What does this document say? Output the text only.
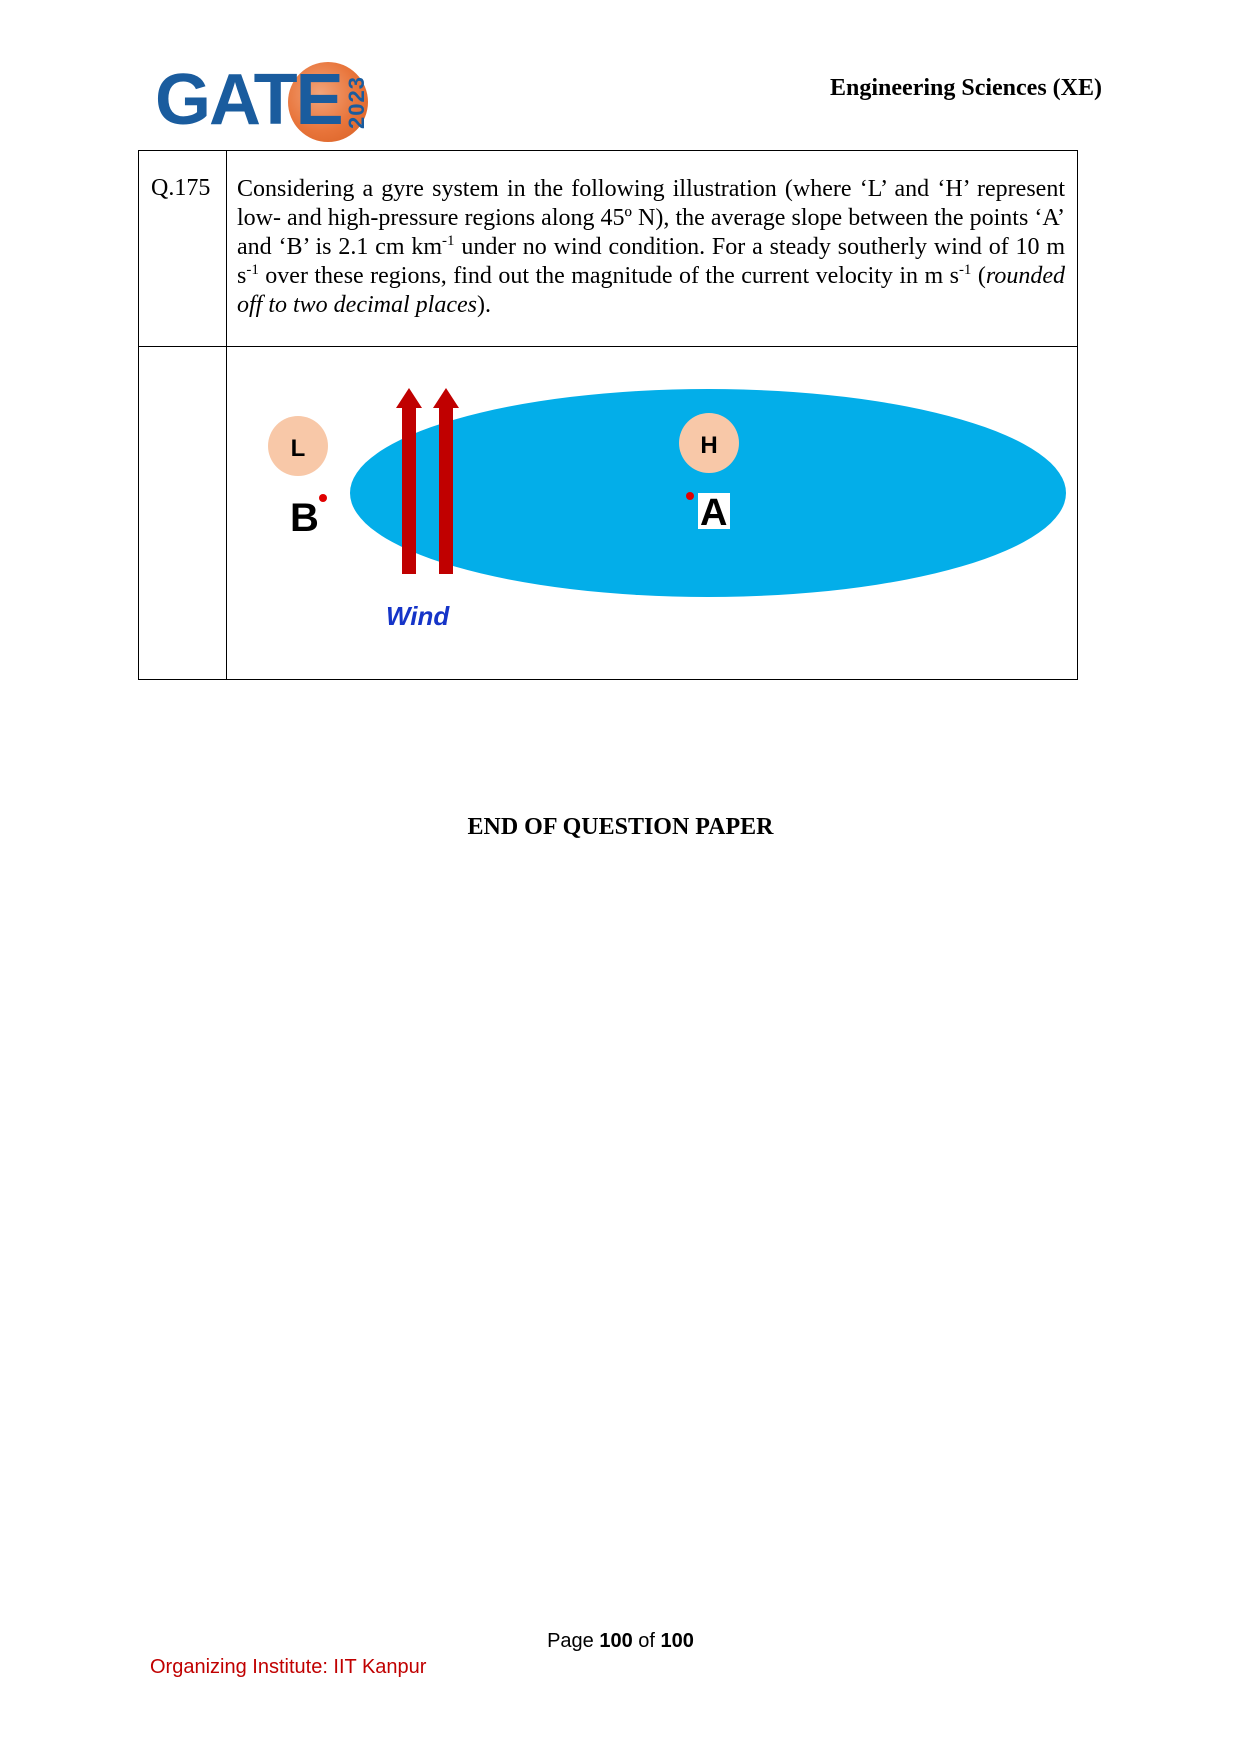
GATE 2023	Engineering Sciences (XE)
Q.175	Considering a gyre system in the following illustration (where ‘L’ and ‘H’ represent low- and high-pressure regions along 45º N), the average slope between the points ‘A’ and ‘B’ is 2.1 cm $km^{-1}$ under no wind condition. For a steady southerly wind of 10 m $s^{-1}$ over these regions, find out the magnitude of the current velocity in m $s^{-1}$ (rounded off to two decimal places).

L H
B A
Wind
END OF QUESTION PAPER
Page 100 of 100
Organizing Institute: IIT Kanpur
